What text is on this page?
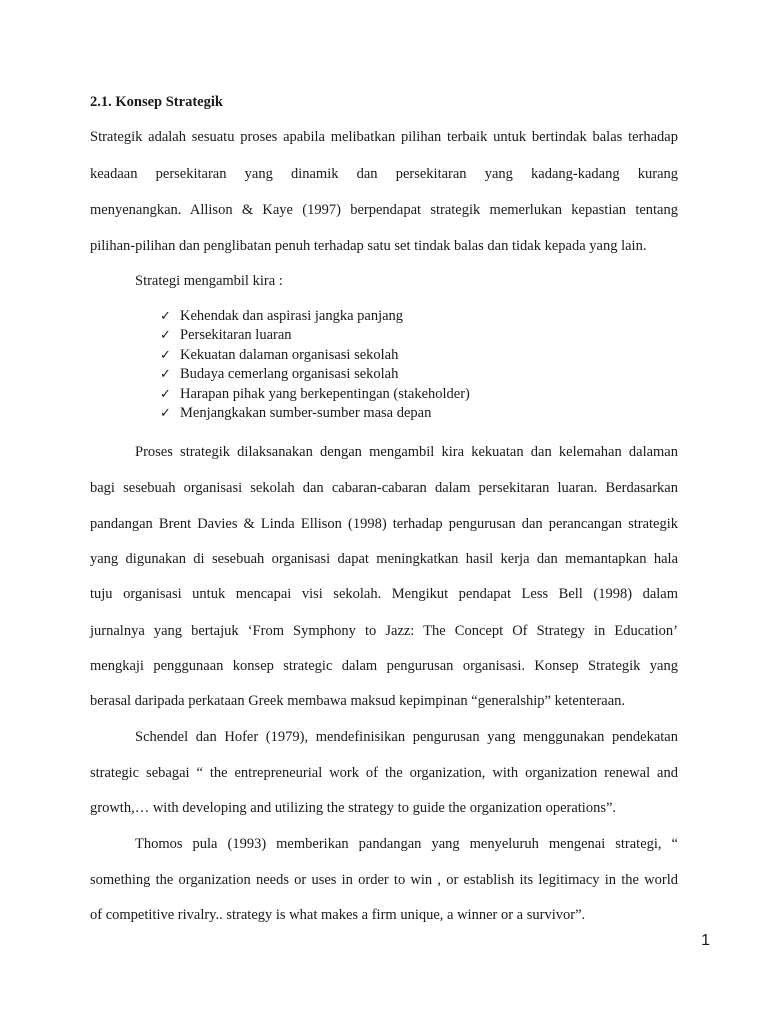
2.1. Konsep Strategik
Strategik adalah sesuatu proses apabila melibatkan pilihan terbaik untuk bertindak balas terhadap
keadaan persekitaran yang dinamik dan persekitaran yang kadang-kadang kurang
menyenangkan. Allison & Kaye (1997) berpendapat strategik memerlukan kepastian tentang
pilihan-pilihan dan penglibatan penuh terhadap satu set tindak balas dan tidak kepada yang lain.
Strategi mengambil kira :
✓ Kehendak dan aspirasi jangka panjang
✓ Persekitaran luaran
✓ Kekuatan dalaman organisasi sekolah
✓ Budaya cemerlang organisasi sekolah
✓ Harapan pihak yang berkepentingan (stakeholder)
✓ Menjangkakan sumber-sumber masa depan
Proses strategik dilaksanakan dengan mengambil kira kekuatan dan kelemahan dalaman
bagi sesebuah organisasi sekolah dan cabaran-cabaran dalam persekitaran luaran. Berdasarkan
pandangan Brent Davies & Linda Ellison (1998) terhadap pengurusan dan perancangan strategik
yang digunakan di sesebuah organisasi dapat meningkatkan hasil kerja dan memantapkan hala
tuju organisasi untuk mencapai visi sekolah. Mengikut pendapat Less Bell (1998) dalam
jurnalnya yang bertajuk ‘From Symphony to Jazz: The Concept Of Strategy in Education’
mengkaji penggunaan konsep strategic dalam pengurusan organisasi. Konsep Strategik yang
berasal daripada perkataan Greek membawa maksud kepimpinan “generalship” ketenteraan.
Schendel dan Hofer (1979), mendefinisikan pengurusan yang menggunakan pendekatan
strategic sebagai “ the entrepreneurial work of the organization, with organization renewal and
growth,… with developing and utilizing the strategy to guide the organization operations”.
Thomos pula (1993) memberikan pandangan yang menyeluruh mengenai strategi, “
something the organization needs or uses in order to win , or establish its legitimacy in the world
of competitive rivalry.. strategy is what makes a firm unique, a winner or a survivor”.
1
